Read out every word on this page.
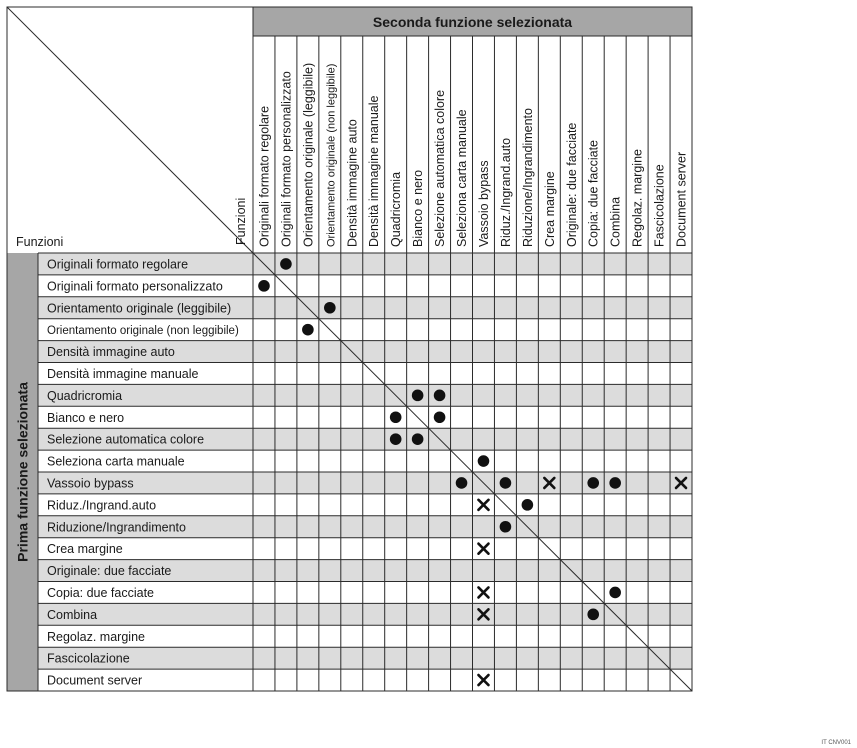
Seconda funzione selezionata
Prima funzione selezionata
Funzioni	Funzioni Originali formato regolare Originali formato personalizzato Orientamento originale (leggibile) Orientamento originale (non leggibile) Densità immagine auto Densità immagine manuale Quadricromia Bianco e nero Selezione automatica colore Seleziona carta manuale Vassoio bypass Riduz./Ingrand.auto Riduzione/Ingrandimento Crea margine Originale: due facciate Copia: due facciate Combina Regolaz. margine Fascicolazione Document server
Originali formato regolare
Originali formato personalizzato
Orientamento originale (leggibile)
Orientamento originale (non leggibile)
Densità immagine auto
Densità immagine manuale
Quadricromia
Bianco e nero
Selezione automatica colore
Seleziona carta manuale
Vassoio bypass
Riduz./Ingrand.auto
Riduzione/Ingrandimento
Crea margine
Originale: due facciate
Copia: due facciate
Combina
Regolaz. margine
Fascicolazione
Document server
IT CNV001
